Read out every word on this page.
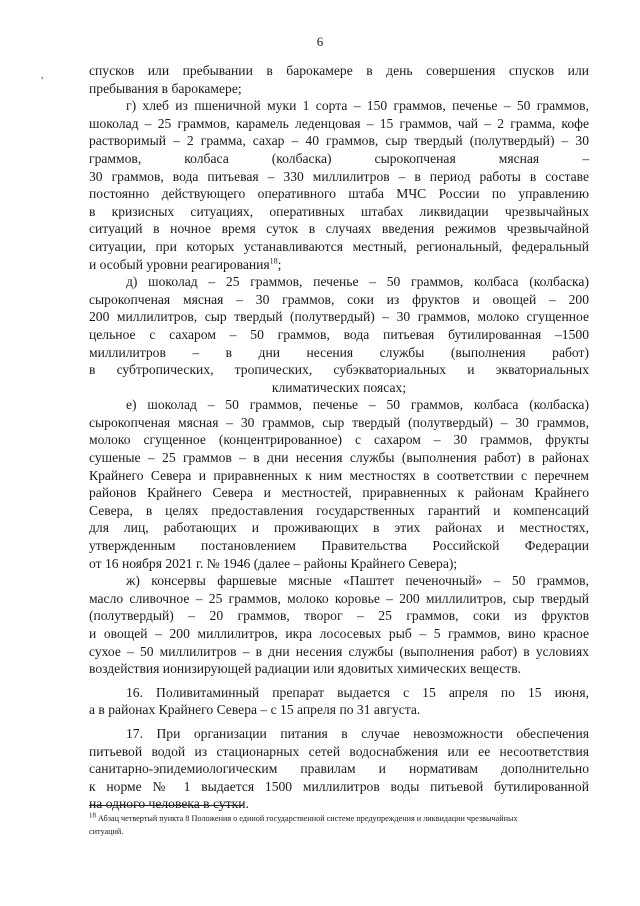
6
,	спусков или пребывании в барокамере в день совершения спусков или
пребывания в барокамере;

г) хлеб из пшеничной муки 1 сорта – 150 граммов, печенье – 50 граммов,
шоколад – 25 граммов, карамель леденцовая – 15 граммов, чай – 2 грамма, кофе
растворимый – 2 грамма, сахар – 40 граммов, сыр твердый (полутвердый) – 30
граммов, колбаса (колбаска) сырокопченая мясная –
30 граммов, вода питьевая – 330 миллилитров – в период работы в составе
постоянно действующего оперативного штаба МЧС России по управлению
в кризисных ситуациях, оперативных штабах ликвидации чрезвычайных
ситуаций в ночное время суток в случаях введения режимов чрезвычайной
ситуации, при которых устанавливаются местный, региональный, федеральный
и особый уровни реагирования$^{18}$;

д) шоколад – 25 граммов, печенье – 50 граммов, колбаса (колбаска)
сырокопченая мясная – 30 граммов, соки из фруктов и овощей – 200
200 миллилитров, сыр твердый (полутвердый) – 30 граммов, молоко сгущенное
цельное с сахаром – 50 граммов, вода питьевая бутилированная –1500
миллилитров – в дни несения службы (выполнения работ)
в субтропических, тропических, субэкваториальных и экваториальных
климатических поясах;

е) шоколад – 50 граммов, печенье – 50 граммов, колбаса (колбаска)
сырокопченая мясная – 30 граммов, сыр твердый (полутвердый) – 30 граммов,
молоко сгущенное (концентрированное) с сахаром – 30 граммов, фрукты
сушеные – 25 граммов – в дни несения службы (выполнения работ) в районах
Крайнего Севера и приравненных к ним местностях в соответствии с перечнем
районов Крайнего Севера и местностей, приравненных к районам Крайнего
Севера, в целях предоставления государственных гарантий и компенсаций
для лиц, работающих и проживающих в этих районах и местностях,
утвержденным постановлением Правительства Российской Федерации
от 16 ноября 2021 г. № 1946 (далее – районы Крайнего Севера);

ж) консервы фаршевые мясные «Паштет печеночный» – 50 граммов,
масло сливочное – 25 граммов, молоко коровье – 200 миллилитров, сыр твердый
(полутвердый) – 20 граммов, творог – 25 граммов, соки из фруктов
и овощей – 200 миллилитров, икра лососевых рыб – 5 граммов, вино красное
сухое – 50 миллилитров – в дни несения службы (выполнения работ) в условиях
воздействия ионизирующей радиации или ядовитых химических веществ.

16. Поливитаминный препарат выдается с 15 апреля по 15 июня,
а в районах Крайнего Севера – с 15 апреля по 31 августа.

17. При организации питания в случае невозможности обеспечения
питьевой водой из стационарных сетей водоснабжения или ее несоответствия
санитарно-эпидемиологическим правилам и нормативам дополнительно
к норме № 1 выдается 1500 миллилитров воды питьевой бутилированной
на одного человека в сутки.

$^{18}$ Абзац четвертый пункта 8 Положения о единой государственной системе предупреждения и ликвидации чрезвычайных
ситуаций.
